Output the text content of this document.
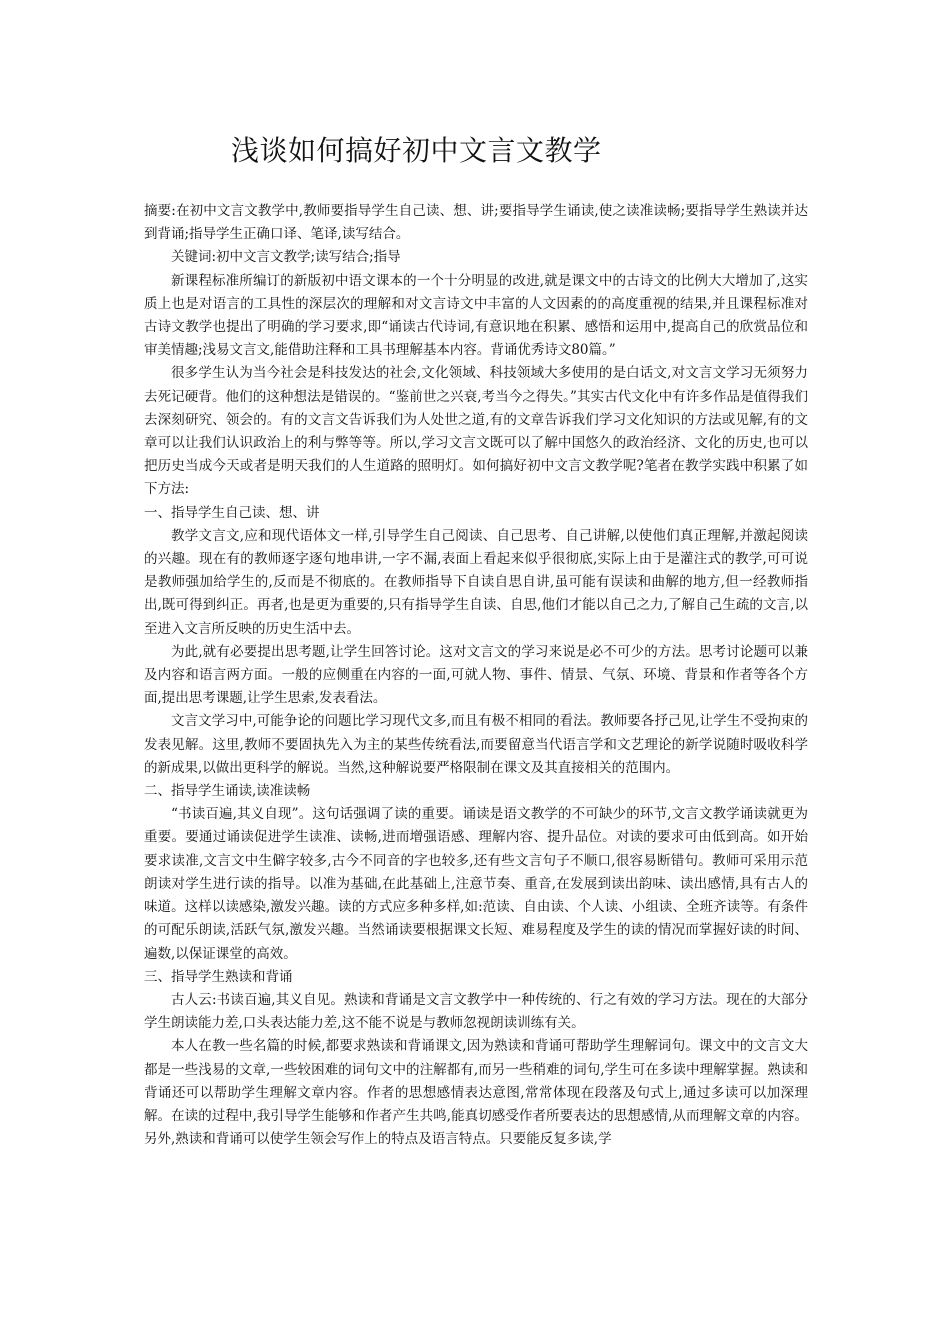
浅谈如何搞好初中文言文教学

摘要:在初中文言文教学中,教师要指导学生自己读、想、讲;要指导学生诵读,使之读准读畅;要指导学生熟读并达到背诵;指导学生正确口译、笔译,读写结合。

关键词:初中文言文教学;读写结合;指导

新课程标准所编订的新版初中语文课本的一个十分明显的改进,就是课文中的古诗文的比例大大增加了,这实质上也是对语言的工具性的深层次的理解和对文言诗文中丰富的人文因素的的高度重视的结果,并且课程标准对古诗文教学也提出了明确的学习要求,即“诵读古代诗词,有意识地在积累、感悟和运用中,提高自己的欣赏品位和审美情趣;浅易文言文,能借助注释和工具书理解基本内容。背诵优秀诗文80篇。”

很多学生认为当今社会是科技发达的社会,文化领域、科技领域大多使用的是白话文,对文言文学习无须努力去死记硬背。他们的这种想法是错误的。“鉴前世之兴衰,考当今之得失。”其实古代文化中有许多作品是值得我们去深刻研究、领会的。有的文言文告诉我们为人处世之道,有的文章告诉我们学习文化知识的方法或见解,有的文章可以让我们认识政治上的利与弊等等。所以,学习文言文既可以了解中国悠久的政治经济、文化的历史,也可以把历史当成今天或者是明天我们的人生道路的照明灯。如何搞好初中文言文教学呢?笔者在教学实践中积累了如下方法:

一、指导学生自己读、想、讲

教学文言文,应和现代语体文一样,引导学生自己阅读、自己思考、自己讲解,以使他们真正理解,并激起阅读的兴趣。现在有的教师逐字逐句地串讲,一字不漏,表面上看起来似乎很彻底,实际上由于是灌注式的教学,可可说是教师强加给学生的,反而是不彻底的。在教师指导下自读自思自讲,虽可能有误读和曲解的地方,但一经教师指出,既可得到纠正。再者,也是更为重要的,只有指导学生自读、自思,他们才能以自己之力,了解自己生疏的文言,以至进入文言所反映的历史生活中去。

为此,就有必要提出思考题,让学生回答讨论。这对文言文的学习来说是必不可少的方法。思考讨论题可以兼及内容和语言两方面。一般的应侧重在内容的一面,可就人物、事件、情景、气氛、环境、背景和作者等各个方面,提出思考课题,让学生思索,发表看法。

文言文学习中,可能争论的问题比学习现代文多,而且有极不相同的看法。教师要各抒己见,让学生不受拘束的发表见解。这里,教师不要固执先入为主的某些传统看法,而要留意当代语言学和文艺理论的新学说随时吸收科学的新成果,以做出更科学的解说。当然,这种解说要严格限制在课文及其直接相关的范围内。

二、指导学生诵读,读准读畅

“书读百遍,其义自现”。这句话强调了读的重要。诵读是语文教学的不可缺少的环节,文言文教学诵读就更为重要。要通过诵读促进学生读准、读畅,进而增强语感、理解内容、提升品位。对读的要求可由低到高。如开始要求读准,文言文中生僻字较多,古今不同音的字也较多,还有些文言句子不顺口,很容易断错句。教师可采用示范朗读对学生进行读的指导。以准为基础,在此基础上,注意节奏、重音,在发展到读出韵味、读出感情,具有古人的味道。这样以读感染,激发兴趣。读的方式应多种多样,如:范读、自由读、个人读、小组读、全班齐读等。有条件的可配乐朗读,活跃气氛,激发兴趣。当然诵读要根据课文长短、难易程度及学生的读的情况而掌握好读的时间、遍数,以保证课堂的高效。

三、指导学生熟读和背诵

古人云:书读百遍,其义自见。熟读和背诵是文言文教学中一种传统的、行之有效的学习方法。现在的大部分学生朗读能力差,口头表达能力差,这不能不说是与教师忽视朗读训练有关。

本人在教一些名篇的时候,都要求熟读和背诵课文,因为熟读和背诵可帮助学生理解词句。课文中的文言文大都是一些浅易的文章,一些较困难的词句文中的注解都有,而另一些稍难的词句,学生可在多读中理解掌握。熟读和背诵还可以帮助学生理解文章内容。作者的思想感情表达意图,常常体现在段落及句式上,通过多读可以加深理解。在读的过程中,我引导学生能够和作者产生共鸣,能真切感受作者所要表达的思想感情,从而理解文章的内容。另外,熟读和背诵可以使学生领会写作上的特点及语言特点。只要能反复多读,学
